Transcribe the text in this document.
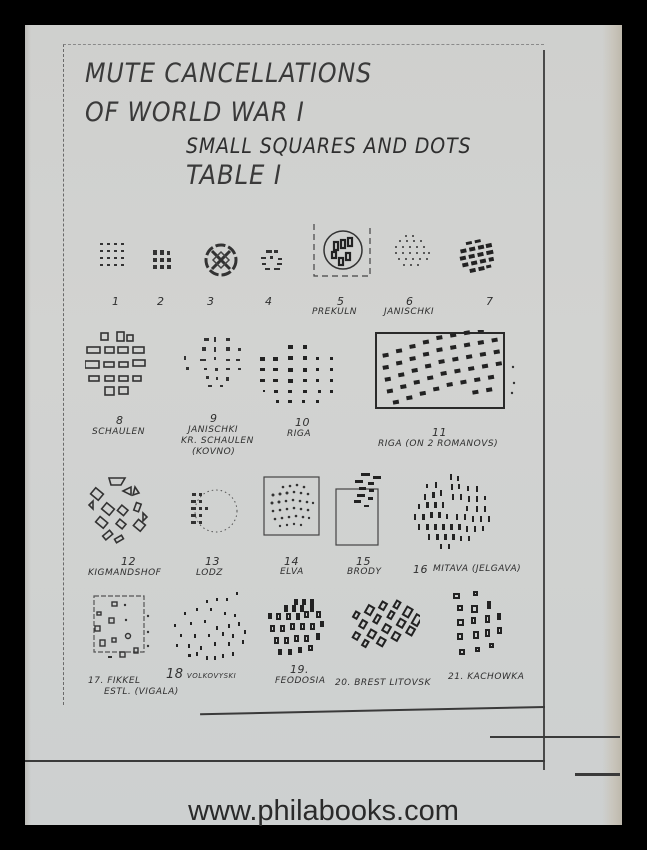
MUTE CANCELLATIONS
OF WORLD WAR I
SMALL SQUARES AND DOTS
TABLE I
1	2	3	4	5
PREKULN
6
JANISCHKI
7
8
SCHAULEN
9
JANISCHKI
KR. SCHAULEN
(KOVNO)
10
RIGA	11
RIGA (ON 2 ROMANOVS)
12
KIGMANDSHOF
13
LODZ
14
ELVA
15
BRODY	16 MITAVA (JELGAVA)
17. FIKKEL
ESTL. (VIGALA)
18 VOLKOVYSKI	19.
FEODOSIA 20. BREST LITOVSK
21. KACHOWKA
www.philabooks.com
